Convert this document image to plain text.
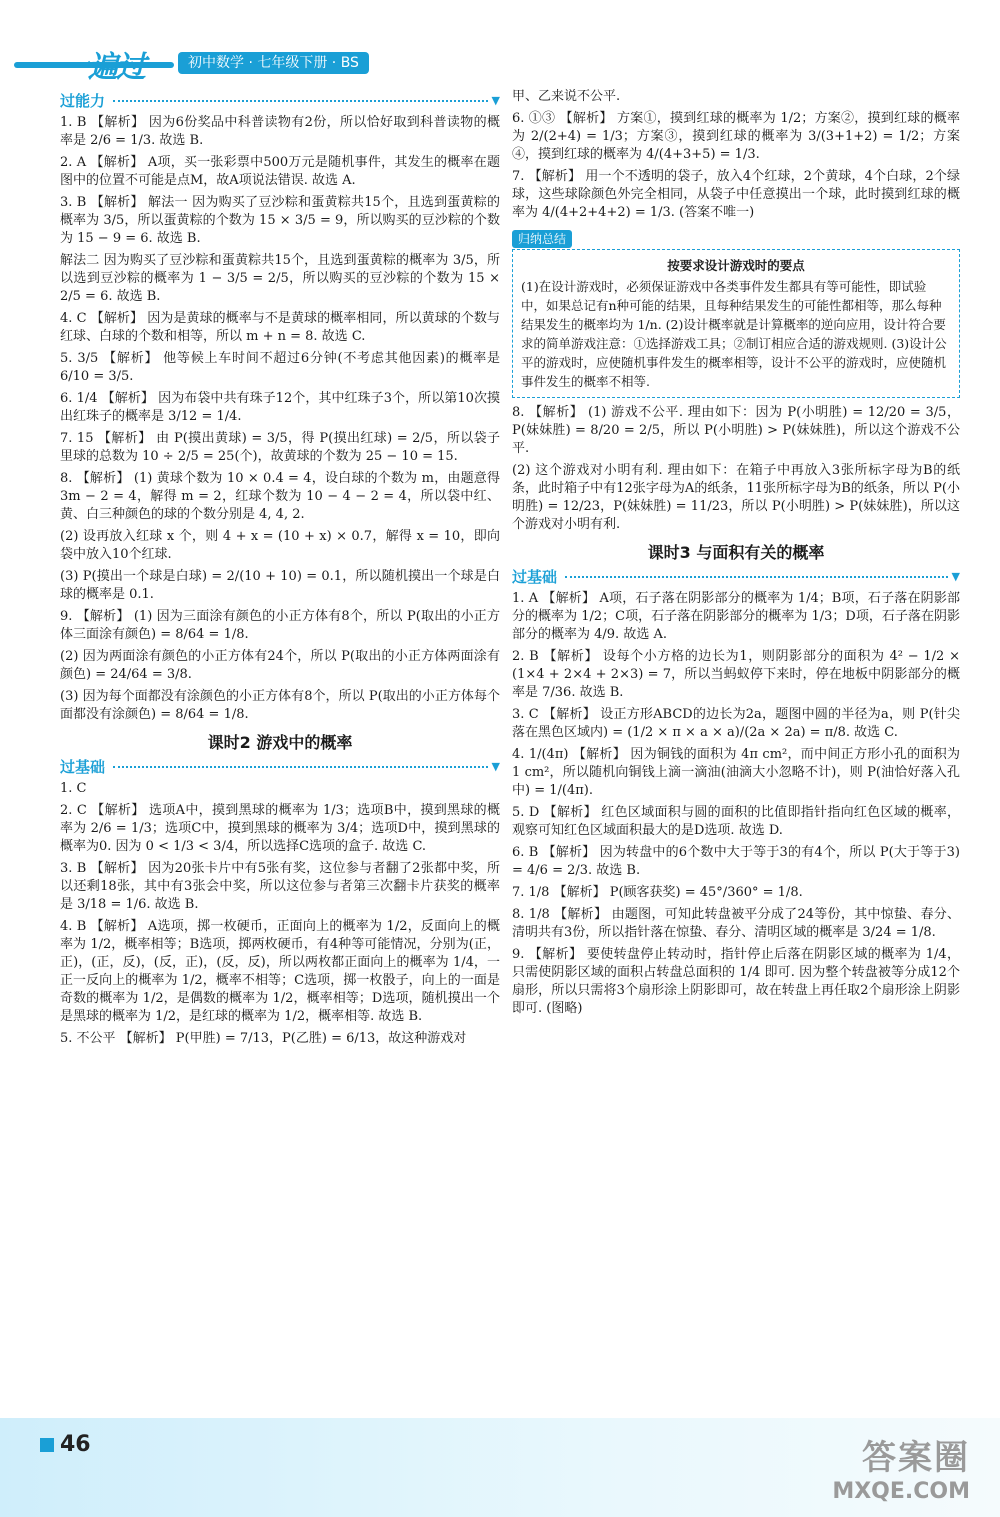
一遍过	初中数学 · 七年级下册 · BS
过能力	▼
1. B 【解析】 因为6份奖品中科普读物有2份，所以恰好取到科普读物的概率是 2/6 = 1/3. 故选 B.
2. A 【解析】 A项，买一张彩票中500万元是随机事件，其发生的概率在题图中的位置不可能是点M，故A项说法错误. 故选 A.
3. B 【解析】 解法一 因为购买了豆沙粽和蛋黄粽共15个，且选到蛋黄粽的概率为 3/5，所以蛋黄粽的个数为 15 × 3/5 = 9，所以购买的豆沙粽的个数为 15 − 9 = 6. 故选 B.
解法二 因为购买了豆沙粽和蛋黄粽共15个，且选到蛋黄粽的概率为 3/5，所以选到豆沙粽的概率为 1 − 3/5 = 2/5，所以购买的豆沙粽的个数为 15 × 2/5 = 6. 故选 B.
4. C 【解析】 因为是黄球的概率与不是黄球的概率相同，所以黄球的个数与红球、白球的个数和相等，所以 m + n = 8. 故选 C.
5. 3/5 【解析】 他等候上车时间不超过6分钟(不考虑其他因素)的概率是 6/10 = 3/5.
6. 1/4 【解析】 因为布袋中共有珠子12个，其中红珠子3个，所以第10次摸出红珠子的概率是 3/12 = 1/4.
7. 15 【解析】 由 P(摸出黄球) = 3/5，得 P(摸出红球) = 2/5，所以袋子里球的总数为 10 ÷ 2/5 = 25(个)，故黄球的个数为 25 − 10 = 15.
8. 【解析】 (1) 黄球个数为 10 × 0.4 = 4，设白球的个数为 m，由题意得 3m − 2 = 4，解得 m = 2，红球个数为 10 − 4 − 2 = 4，所以袋中红、黄、白三种颜色的球的个数分别是 4, 4, 2.
(2) 设再放入红球 x 个，则 4 + x = (10 + x) × 0.7，解得 x = 10，即向袋中放入10个红球.
(3) P(摸出一个球是白球) = 2/(10 + 10) = 0.1，所以随机摸出一个球是白球的概率是 0.1.
9. 【解析】 (1) 因为三面涂有颜色的小正方体有8个，所以 P(取出的小正方体三面涂有颜色) = 8/64 = 1/8.
(2) 因为两面涂有颜色的小正方体有24个，所以 P(取出的小正方体两面涂有颜色) = 24/64 = 3/8.
(3) 因为每个面都没有涂颜色的小正方体有8个，所以 P(取出的小正方体每个面都没有涂颜色) = 8/64 = 1/8.
课时2 游戏中的概率
过基础	▼
1. C
2. C 【解析】 选项A中，摸到黑球的概率为 1/3；选项B中，摸到黑球的概率为 2/6 = 1/3；选项C中，摸到黑球的概率为 3/4；选项D中，摸到黑球的概率为0. 因为 0 < 1/3 < 3/4，所以选择C选项的盒子. 故选 C.
3. B 【解析】 因为20张卡片中有5张有奖，这位参与者翻了2张都中奖，所以还剩18张，其中有3张会中奖，所以这位参与者第三次翻卡片获奖的概率是 3/18 = 1/6. 故选 B.
4. B 【解析】 A选项，掷一枚硬币，正面向上的概率为 1/2，反面向上的概率为 1/2，概率相等；B选项，掷两枚硬币，有4种等可能情况，分别为(正，正)，(正，反)，(反，正)，(反，反)，所以两枚都正面向上的概率为 1/4，一正一反向上的概率为 1/2，概率不相等；C选项，掷一枚骰子，向上的一面是奇数的概率为 1/2，是偶数的概率为 1/2，概率相等；D选项，随机摸出一个是黑球的概率为 1/2，是红球的概率为 1/2，概率相等. 故选 B.
5. 不公平 【解析】 P(甲胜) = 7/13，P(乙胜) = 6/13，故这种游戏对
甲、乙来说不公平.
6. ①③ 【解析】 方案①，摸到红球的概率为 1/2；方案②，摸到红球的概率为 2/(2+4) = 1/3；方案③，摸到红球的概率为 3/(3+1+2) = 1/2；方案④，摸到红球的概率为 4/(4+3+5) = 1/3.
7. 【解析】 用一个不透明的袋子，放入4个红球，2个黄球，4个白球，2个绿球，这些球除颜色外完全相同，从袋子中任意摸出一个球，此时摸到红球的概率为 4/(4+2+4+2) = 1/3. (答案不唯一)
归纳总结
按要求设计游戏时的要点
(1)在设计游戏时，必须保证游戏中各类事件发生都具有等可能性，即试验中，如果总记有n种可能的结果，且每种结果发生的可能性都相等，那么每种结果发生的概率均为 1/n. (2)设计概率就是计算概率的逆向应用，设计符合要求的简单游戏注意：①选择游戏工具；②制订相应合适的游戏规则. (3)设计公平的游戏时，应使随机事件发生的概率相等，设计不公平的游戏时，应使随机事件发生的概率不相等.
8. 【解析】 (1) 游戏不公平. 理由如下：因为 P(小明胜) = 12/20 = 3/5，P(妹妹胜) = 8/20 = 2/5，所以 P(小明胜) > P(妹妹胜)，所以这个游戏不公平.
(2) 这个游戏对小明有利. 理由如下：在箱子中再放入3张所标字母为B的纸条，此时箱子中有12张字母为A的纸条，11张所标字母为B的纸条，所以 P(小明胜) = 12/23，P(妹妹胜) = 11/23，所以 P(小明胜) > P(妹妹胜)，所以这个游戏对小明有利.
课时3 与面积有关的概率
过基础	▼
1. A 【解析】 A项，石子落在阴影部分的概率为 1/4；B项，石子落在阴影部分的概率为 1/2；C项，石子落在阴影部分的概率为 1/3；D项，石子落在阴影部分的概率为 4/9. 故选 A.
2. B 【解析】 设每个小方格的边长为1，则阴影部分的面积为 4² − 1/2 × (1×4 + 2×4 + 2×3) = 7，所以当蚂蚁停下来时，停在地板中阴影部分的概率是 7/36. 故选 B.
3. C 【解析】 设正方形ABCD的边长为2a，题图中圆的半径为a，则 P(针尖落在黑色区域内) = (1/2 × π × a × a)/(2a × 2a) = π/8. 故选 C.
4. 1/(4π) 【解析】 因为铜钱的面积为 4π cm²，而中间正方形小孔的面积为 1 cm²，所以随机向铜钱上滴一滴油(油滴大小忽略不计)，则 P(油恰好落入孔中) = 1/(4π).
5. D 【解析】 红色区域面积与圆的面积的比值即指针指向红色区域的概率，观察可知红色区域面积最大的是D选项. 故选 D.
6. B 【解析】 因为转盘中的6个数中大于等于3的有4个，所以 P(大于等于3) = 4/6 = 2/3. 故选 B.
7. 1/8 【解析】 P(顾客获奖) = 45°/360° = 1/8.
8. 1/8 【解析】 由题图，可知此转盘被平分成了24等份，其中惊蛰、春分、清明共有3份，所以指针落在惊蛰、春分、清明区域的概率是 3/24 = 1/8.
9. 【解析】 要使转盘停止转动时，指针停止后落在阴影区域的概率为 1/4，只需使阴影区域的面积占转盘总面积的 1/4 即可. 因为整个转盘被等分成12个扇形，所以只需将3个扇形涂上阴影即可，故在转盘上再任取2个扇形涂上阴影即可. (图略)
46	答案圈
MXQE.COM
